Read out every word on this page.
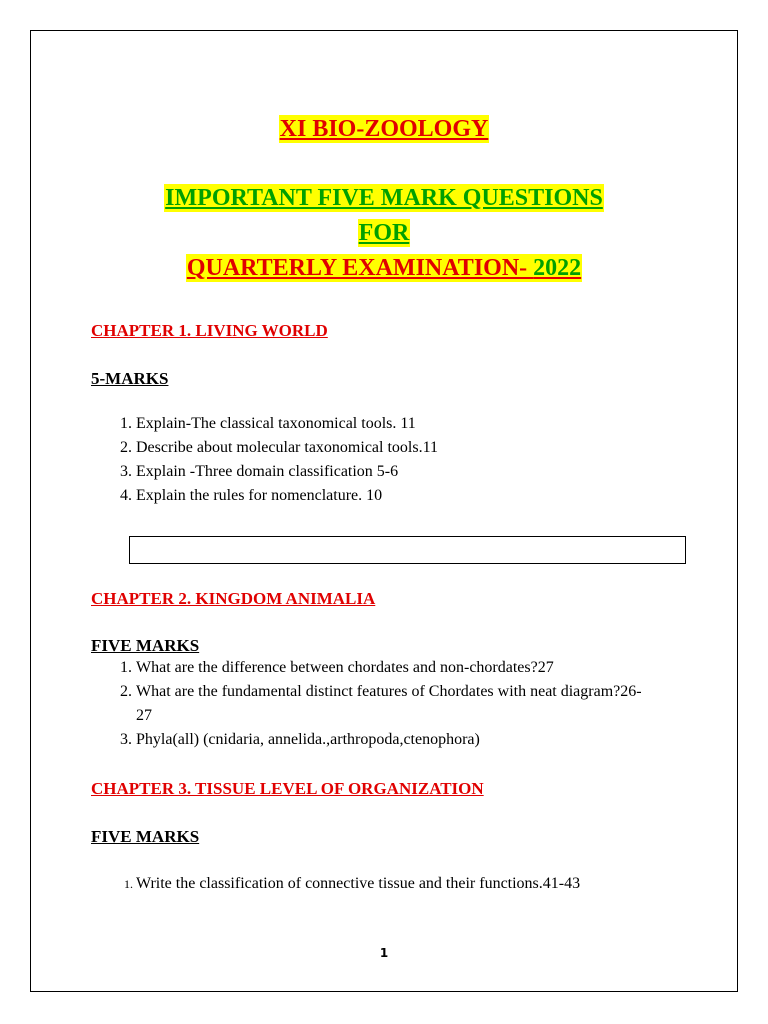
XI BIO-ZOOLOGY
IMPORTANT FIVE MARK QUESTIONS
FOR
QUARTERLY EXAMINATION- 2022
CHAPTER 1. LIVING WORLD
5-MARKS
1. Explain-The classical taxonomical tools. 11
2. Describe about molecular taxonomical tools.11
3. Explain -Three domain classification 5-6
4. Explain the rules for nomenclature. 10
CHAPTER 2. KINGDOM ANIMALIA
FIVE MARKS
1. What are the difference between chordates and non-chordates?27
2. What are the fundamental distinct features of Chordates with neat diagram?26-27
3. Phyla(all) (cnidaria, annelida.,arthropoda,ctenophora)
CHAPTER 3. TISSUE LEVEL OF ORGANIZATION
FIVE MARKS
1. Write the classification of connective tissue and their functions.41-43
1
